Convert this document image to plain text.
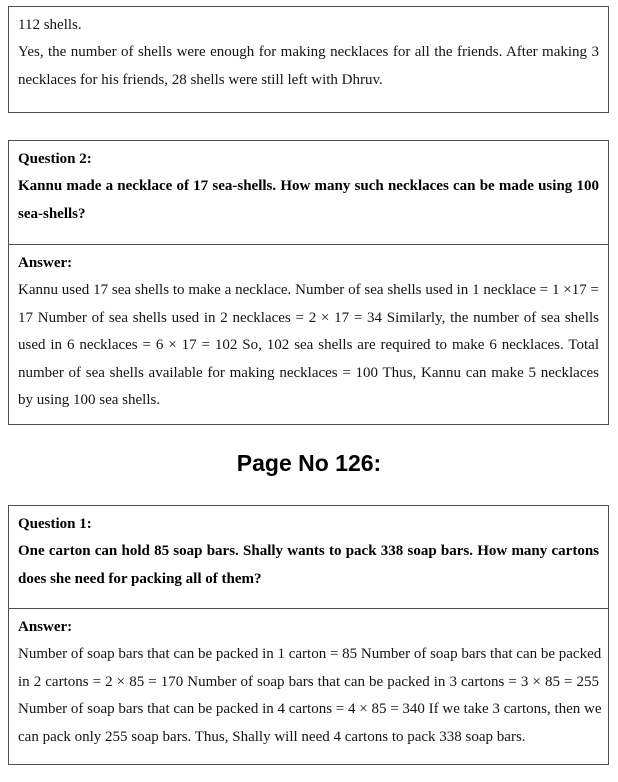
112 shells.
Yes, the number of shells were enough for making necklaces for all the friends. After making 3
necklaces for his friends, 28 shells were still left with Dhruv.
Question 2:
Kannu made a necklace of 17 sea-shells. How many such necklaces can be made using 100
sea-shells?
Answer:
Kannu used 17 sea shells to make a necklace. Number of sea shells used in 1 necklace = 1 ×17 =
17 Number of sea shells used in 2 necklaces = 2 × 17 = 34 Similarly, the number of sea shells
used in 6 necklaces = 6 × 17 = 102 So, 102 sea shells are required to make 6 necklaces. Total
number of sea shells available for making necklaces = 100 Thus, Kannu can make 5 necklaces
by using 100 sea shells.
Page No 126:
Question 1:
One carton can hold 85 soap bars. Shally wants to pack 338 soap bars. How many cartons
does she need for packing all of them?
Answer:
Number of soap bars that can be packed in 1 carton = 85 Number of soap bars that can be packed
in 2 cartons = 2 × 85 = 170 Number of soap bars that can be packed in 3 cartons = 3 × 85 = 255
Number of soap bars that can be packed in 4 cartons = 4 × 85 = 340 If we take 3 cartons, then we
can pack only 255 soap bars. Thus, Shally will need 4 cartons to pack 338 soap bars.
